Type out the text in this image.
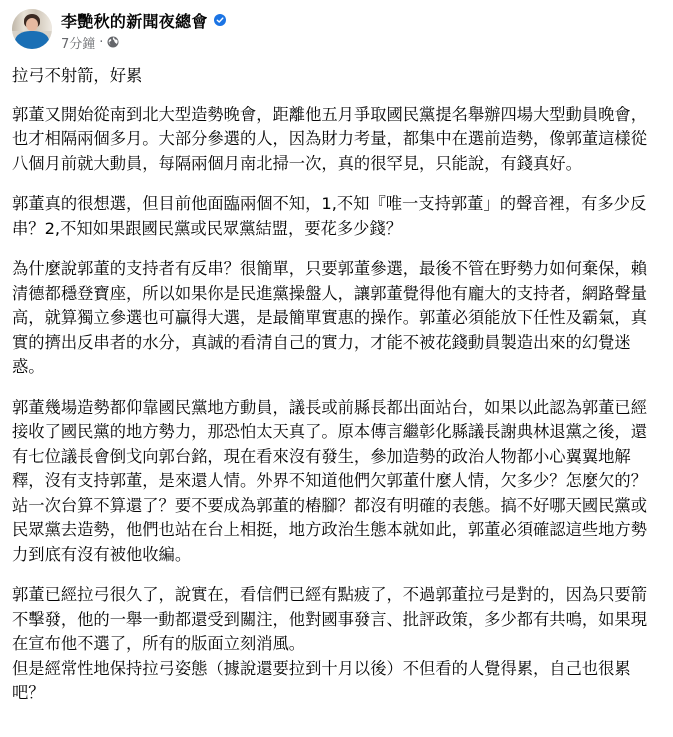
李艷秋的新聞夜總會
7分鐘 ·

拉弓不射箭，好累

郭董又開始從南到北大型造勢晚會，距離他五月爭取國民黨提名舉辦四場大型動員晚會，也才相隔兩個多月。大部分參選的人，因為財力考量，都集中在選前造勢，像郭董這樣從八個月前就大動員，每隔兩個月南北掃一次，真的很罕見，只能說，有錢真好。

郭董真的很想選，但目前他面臨兩個不知，1,不知『唯一支持郭董」的聲音裡，有多少反串？2,不知如果跟國民黨或民眾黨結盟，要花多少錢？

為什麼說郭董的支持者有反串？很簡單，只要郭董參選，最後不管在野勢力如何棄保，賴清德都穩登寶座，所以如果你是民進黨操盤人，讓郭董覺得他有龐大的支持者，網路聲量高，就算獨立參選也可贏得大選，是最簡單實惠的操作。郭董必須能放下任性及霸氣，真實的擠出反串者的水分，真誠的看清自己的實力，才能不被花錢動員製造出來的幻覺迷惑。

郭董幾場造勢都仰靠國民黨地方動員，議長或前縣長都出面站台，如果以此認為郭董已經接收了國民黨的地方勢力，那恐怕太天真了。原本傳言繼彰化縣議長謝典林退黨之後，還有七位議長會倒戈向郭台銘，現在看來沒有發生，參加造勢的政治人物都小心翼翼地解釋，沒有支持郭董，是來還人情。外界不知道他們欠郭董什麼人情，欠多少？怎麼欠的？站一次台算不算還了？要不要成為郭董的樁腳？都沒有明確的表態。搞不好哪天國民黨或民眾黨去造勢，他們也站在台上相挺，地方政治生態本就如此，郭董必須確認這些地方勢力到底有沒有被他收編。

郭董已經拉弓很久了，說實在，看信們已經有點疲了，不過郭董拉弓是對的，因為只要箭不擊發，他的一舉一動都還受到關注，他對國事發言、批評政策，多少都有共鳴，如果現在宣布他不選了，所有的版面立刻消風。

但是經常性地保持拉弓姿態（據說還要拉到十月以後）不但看的人覺得累，自己也很累吧？
